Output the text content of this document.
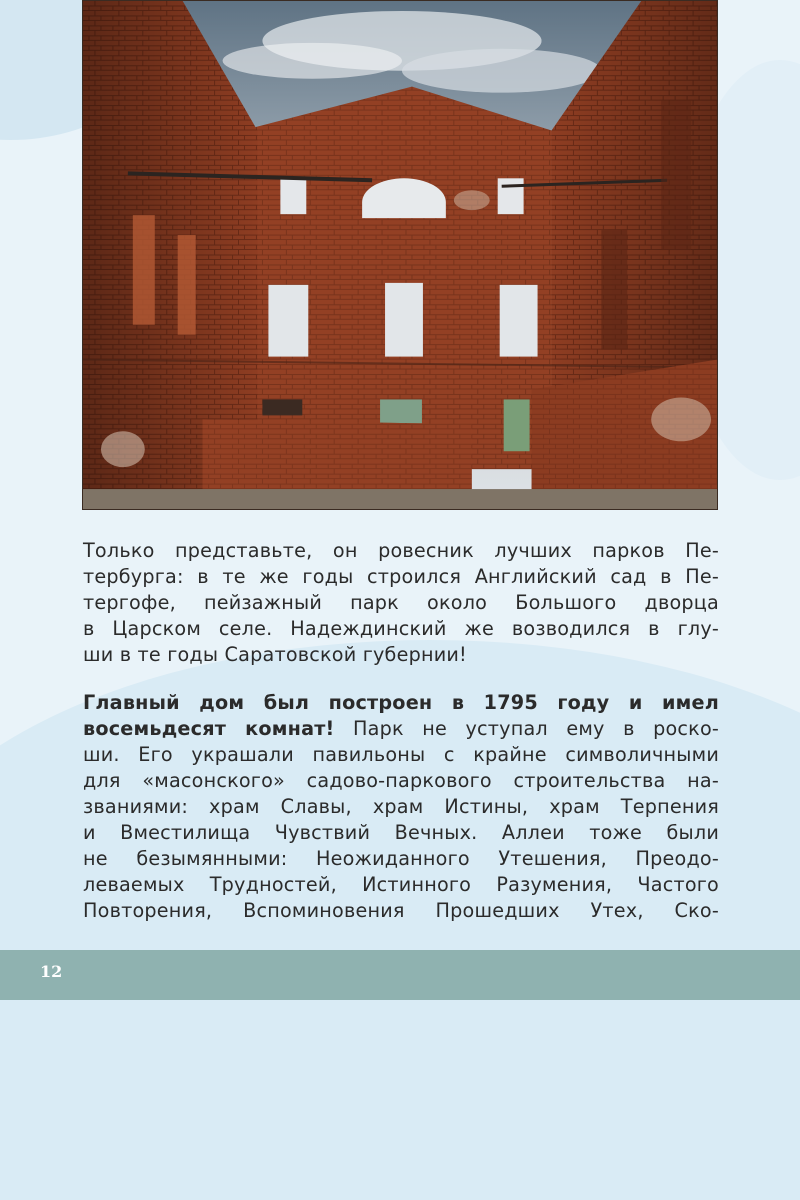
Только представьте, он ровесник лучших парков Пе-
тербурга: в те же годы строился Английский сад в Пе-
тергофе, пейзажный парк около Большого дворца
в Царском селе. Надеждинский же возводился в глу-
ши в те годы Саратовской губернии!
Главный дом был построен в 1795 году и имел
восемьдесят комнат! Парк не уступал ему в роско-
ши. Его украшали павильоны с крайне символичными
для «масонского» садово-паркового строительства на-
званиями: храм Славы, храм Истины, храм Терпения
и Вместилища Чувствий Вечных. Аллеи тоже были
не безымянными: Неожиданного Утешения, Преодо-
леваемых Трудностей, Истинного Разумения, Частого
Повторения, Вспоминовения Прошедших Утех, Ско-
12
